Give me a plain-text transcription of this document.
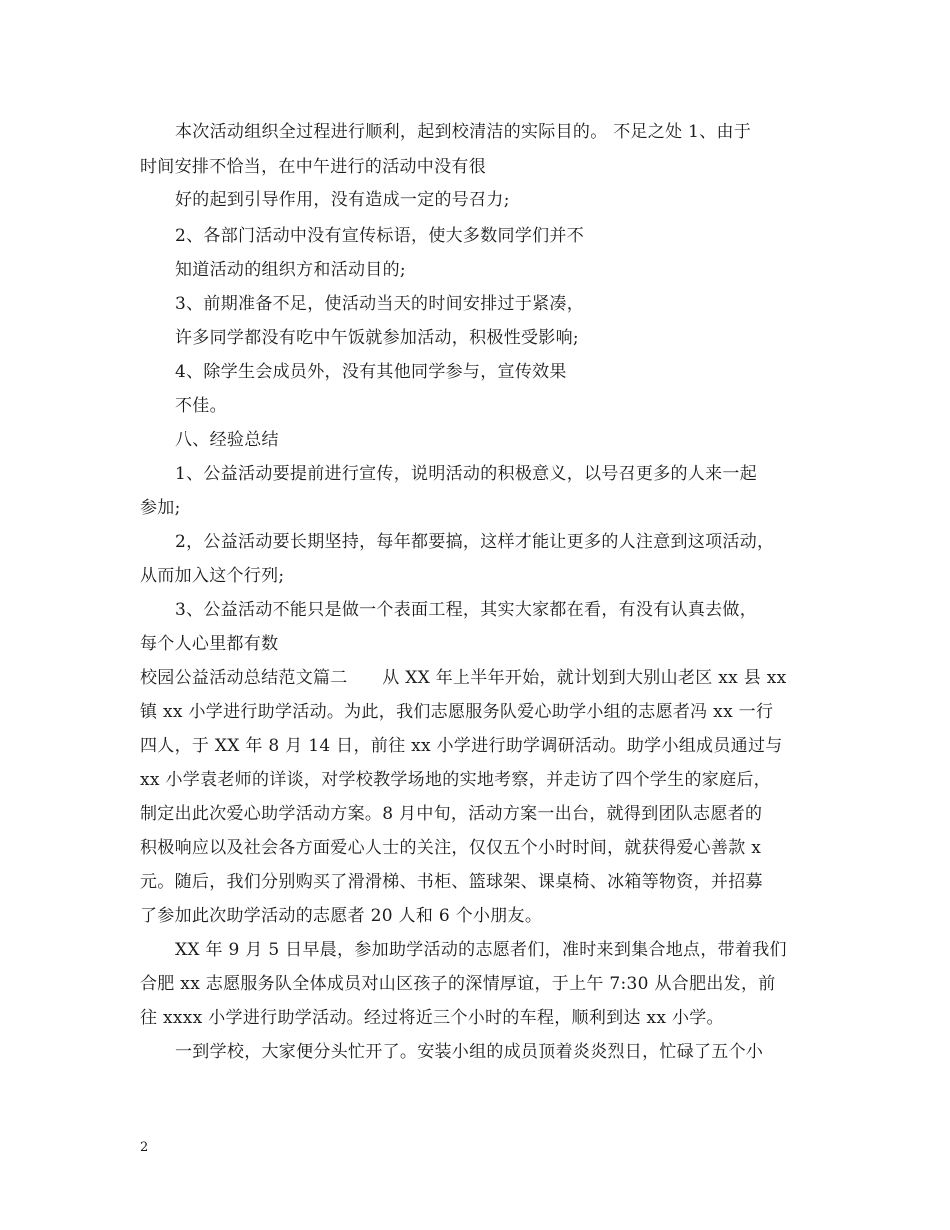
本次活动组织全过程进行顺利，起到校清洁的实际目的。 不足之处 1、由于
时间安排不恰当，在中午进行的活动中没有很
好的起到引导作用，没有造成一定的号召力;
2、各部门活动中没有宣传标语，使大多数同学们并不
知道活动的组织方和活动目的;
3、前期准备不足，使活动当天的时间安排过于紧凑，
许多同学都没有吃中午饭就参加活动，积极性受影响;
4、除学生会成员外，没有其他同学参与，宣传效果
不佳。
八、经验总结
1、公益活动要提前进行宣传，说明活动的积极意义，以号召更多的人来一起
参加;
2，公益活动要长期坚持，每年都要搞，这样才能让更多的人注意到这项活动，
从而加入这个行列;
3、公益活动不能只是做一个表面工程，其实大家都在看，有没有认真去做，
每个人心里都有数
校园公益活动总结范文篇二　　从 XX 年上半年开始，就计划到大别山老区 xx 县 xx
镇 xx 小学进行助学活动。为此，我们志愿服务队爱心助学小组的志愿者冯 xx 一行
四人，于 XX 年 8 月 14 日，前往 xx 小学进行助学调研活动。助学小组成员通过与
xx 小学袁老师的详谈，对学校教学场地的实地考察，并走访了四个学生的家庭后，
制定出此次爱心助学活动方案。8 月中旬，活动方案一出台，就得到团队志愿者的
积极响应以及社会各方面爱心人士的关注，仅仅五个小时时间，就获得爱心善款 x
元。随后，我们分别购买了滑滑梯、书柜、篮球架、课桌椅、冰箱等物资，并招募
了参加此次助学活动的志愿者 20 人和 6 个小朋友。
XX 年 9 月 5 日早晨，参加助学活动的志愿者们，准时来到集合地点，带着我们
合肥 xx 志愿服务队全体成员对山区孩子的深情厚谊，于上午 7:30 从合肥出发，前
往 xxxx 小学进行助学活动。经过将近三个小时的车程，顺利到达 xx 小学。
一到学校，大家便分头忙开了。安装小组的成员顶着炎炎烈日，忙碌了五个小
2
